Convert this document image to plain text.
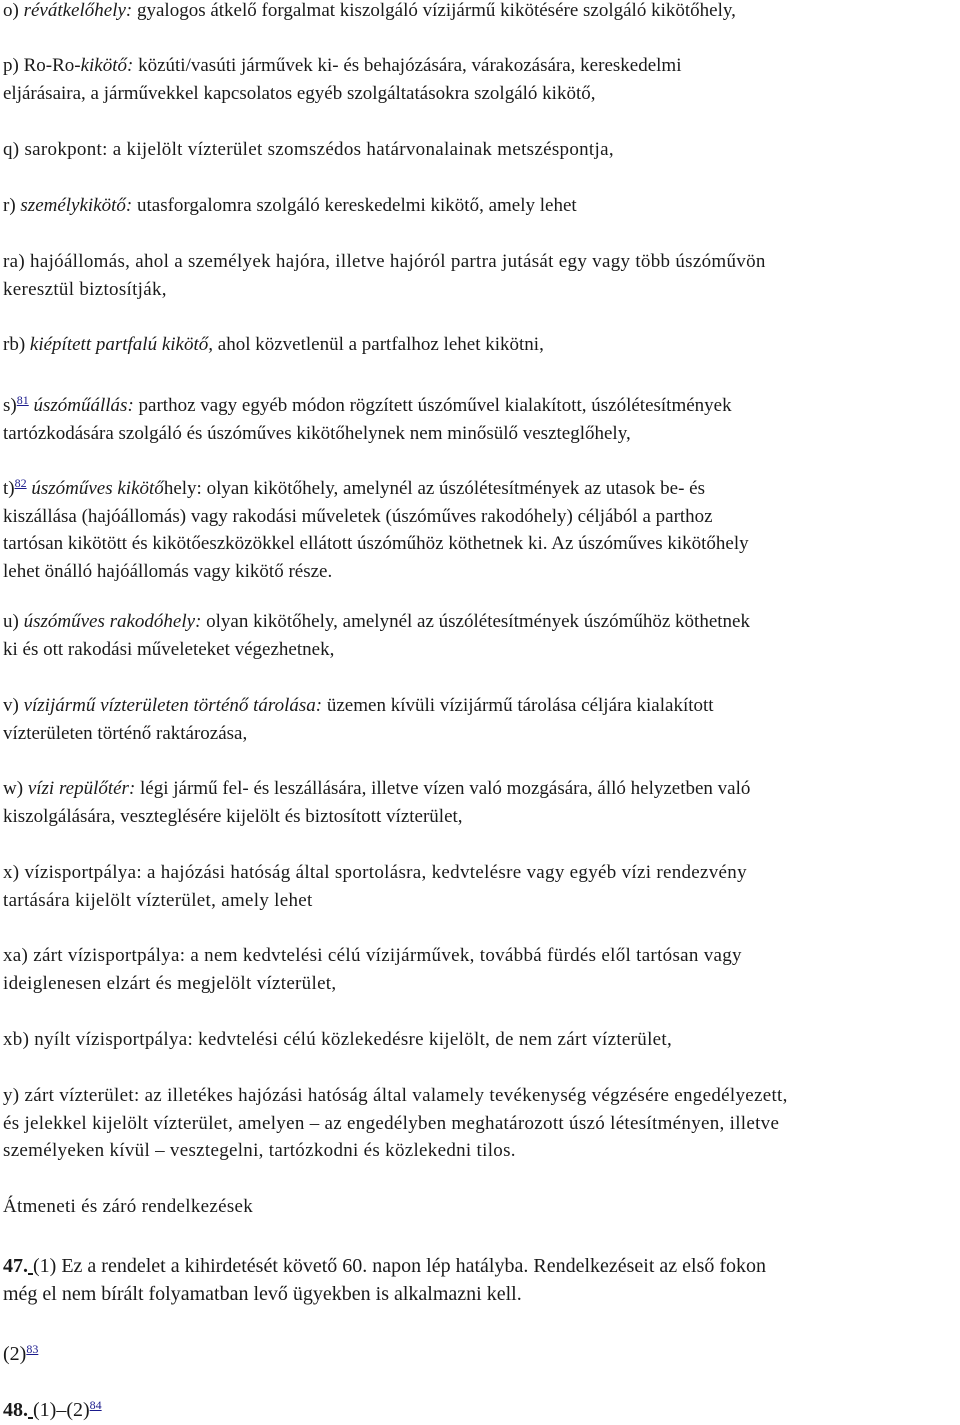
o) révátkelőhely: gyalogos átkelő forgalmat kiszolgáló vízijármű kikötésére szolgáló kikötőhely,

p) Ro-Ro-kikötő: közúti/vasúti járművek ki- és behajózására, várakozására, kereskedelmi
eljárásaira, a járművekkel kapcsolatos egyéb szolgáltatásokra szolgáló kikötő,

q) sarokpont: a kijelölt vízterület szomszédos határvonalainak metszéspontja,

r) személykikötő: utasforgalomra szolgáló kereskedelmi kikötő, amely lehet

ra) hajóállomás, ahol a személyek hajóra, illetve hajóról partra jutását egy vagy több úszóművön
keresztül biztosítják,

rb) kiépített partfalú kikötő, ahol közvetlenül a partfalhoz lehet kikötni,

s)$^{81}$ úszóműállás: parthoz vagy egyéb módon rögzített úszóművel kialakított, úszólétesítmények
tartózkodására szolgáló és úszóműves kikötőhelynek nem minősülő veszteglőhely,

t)$^{82}$ úszóműves kikötőhely: olyan kikötőhely, amelynél az úszólétesítmények az utasok be- és
kiszállása (hajóállomás) vagy rakodási műveletek (úszóműves rakodóhely) céljából a parthoz
tartósan kikötött és kikötőeszközökkel ellátott úszóműhöz köthetnek ki. Az úszóműves kikötőhely
lehet önálló hajóállomás vagy kikötő része.

u) úszóműves rakodóhely: olyan kikötőhely, amelynél az úszólétesítmények úszóműhöz köthetnek
ki és ott rakodási műveleteket végezhetnek,

v) vízijármű vízterületen történő tárolása: üzemen kívüli vízijármű tárolása céljára kialakított
vízterületen történő raktározása,

w) vízi repülőtér: légi jármű fel- és leszállására, illetve vízen való mozgására, álló helyzetben való
kiszolgálására, veszteglésére kijelölt és biztosított vízterület,

x) vízisportpálya: a hajózási hatóság által sportolásra, kedvtelésre vagy egyéb vízi rendezvény
tartására kijelölt vízterület, amely lehet

xa) zárt vízisportpálya: a nem kedvtelési célú vízijárművek, továbbá fürdés elől tartósan vagy
ideiglenesen elzárt és megjelölt vízterület,

xb) nyílt vízisportpálya: kedvtelési célú közlekedésre kijelölt, de nem zárt vízterület,

y) zárt vízterület: az illetékes hajózási hatóság által valamely tevékenység végzésére engedélyezett,
és jelekkel kijelölt vízterület, amelyen – az engedélyben meghatározott úszó létesítményen, illetve
személyeken kívül – vesztegelni, tartózkodni és közlekedni tilos.

Átmeneti és záró rendelkezések

47. (1) Ez a rendelet a kihirdetését követő 60. napon lép hatályba. Rendelkezéseit az első fokon
még el nem bírált folyamatban levő ügyekben is alkalmazni kell.

(2)$^{83}$

48. (1)–(2)$^{84}$
